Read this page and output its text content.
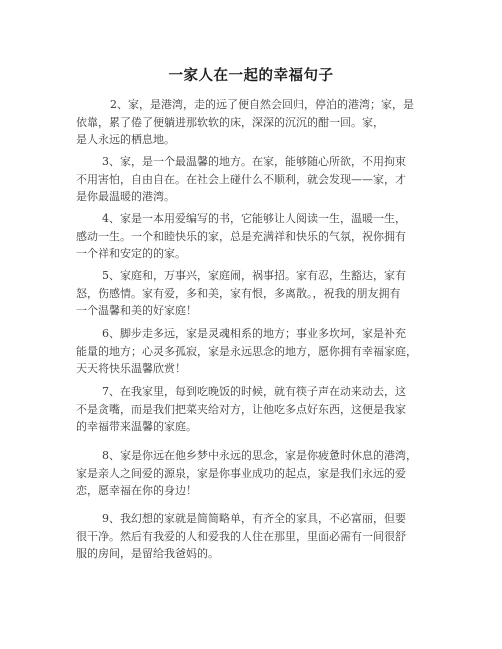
一家人在一起的幸福句子
2、家，是港湾，走的远了便自然会回归，停泊的港湾；家，是
依靠，累了倦了便躺进那软软的床，深深的沉沉的酣一回。家，
是人永远的栖息地。
3、家，是一个最温馨的地方。在家，能够随心所欲，不用拘束
不用害怕，自由自在。在社会上碰什么不顺利，就会发现——家，才
是你最温暖的港湾。
4、家是一本用爱编写的书，它能够让人阅读一生，温暖一生，
感动一生。一个和睦快乐的家，总是充满祥和快乐的气氛，祝你拥有
一个祥和安定的的家。
5、家庭和，万事兴，家庭闹，祸事招。家有忍，生豁达，家有
怒，伤感情。家有爱，多和美，家有恨，多离散。，祝我的朋友拥有
一个温馨和美的好家庭！
6、脚步走多远，家是灵魂相系的地方；事业多坎坷，家是补充
能量的地方；心灵多孤寂，家是永远思念的地方，愿你拥有幸福家庭，
天天将快乐温馨欣赏！
7、在我家里，每到吃晚饭的时候，就有筷子声在动来动去，这
不是贪嘴，而是我们把菜夹给对方，让他吃多点好东西，这便是我家
的幸福带来温馨的家庭。
8、家是你远在他乡梦中永远的思念，家是你疲惫时休息的港湾，
家是亲人之间爱的源泉，家是你事业成功的起点，家是我们永远的爱
恋，愿幸福在你的身边！
9、我幻想的家就是简简略单，有齐全的家具，不必富丽，但要
很干净。然后有我爱的人和爱我的人住在那里，里面必需有一间很舒
服的房间，是留给我爸妈的。
